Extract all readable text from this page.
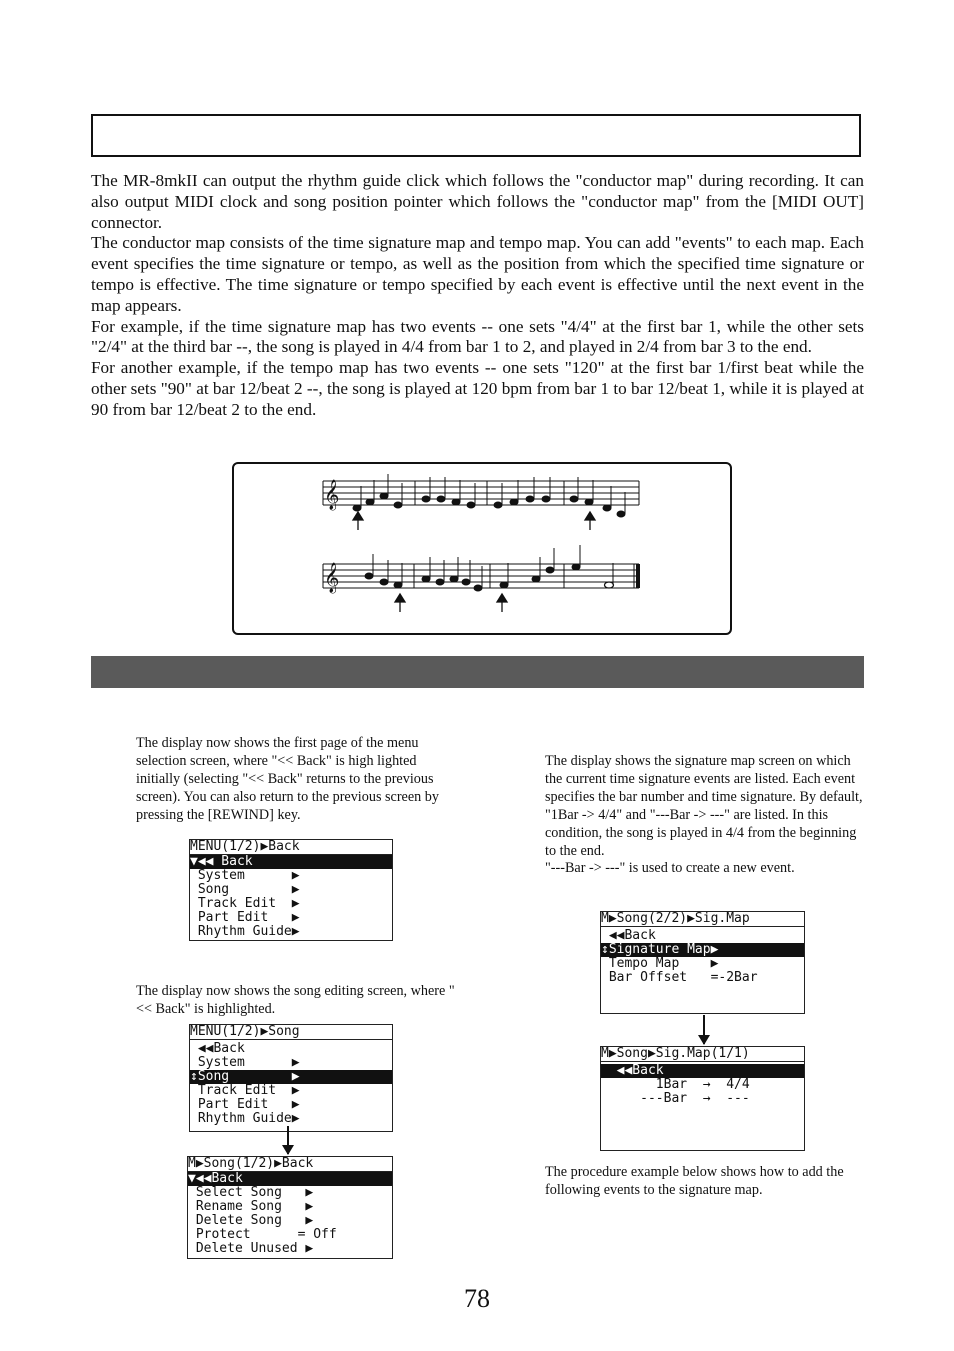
The MR-8mkII can output the rhythm guide click which follows the "conductor map" during recording. It can also output MIDI clock and song position pointer which follows the "conductor map" from the [MIDI OUT] connector.

The conductor map consists of the time signature map and tempo map. You can add "events" to each map. Each event specifies the time signature or tempo, as well as the position from which the specified time signature or tempo is effective. The time signature or tempo specified by each event is effective until the next event in the map appears.

For example, if the time signature map has two events -- one sets "4/4" at the first bar 1, while the other sets "2/4" at the third bar --, the song is played in 4/4 from bar 1 to 2, and played in 2/4 from bar 3 to the end.

For another example, if the tempo map has two events -- one sets "120" at the first bar 1/first beat while the other sets "90" at bar 12/beat 2 --, the song is played at 120 bpm from bar 1 to bar 12/beat 1, while it is played at 90 from bar 12/beat 2 to the end.

𝄞
𝄞

The display now shows the first page of the menu selection screen, where "<< Back" is high lighted initially (selecting "<< Back" returns to the previous screen). You can also return to the previous screen by pressing the [REWIND] key.

MENU(1/2)▶Back
▼◀◀ Back
System      ▶
Song        ▶
Track Edit  ▶
Part Edit   ▶
Rhythm Guide▶

The display now shows the song editing screen, where "<< Back" is highlighted.

MENU(1/2)▶Song
◀◀Back
System      ▶
↕Song        ▶
Track Edit  ▶
Part Edit   ▶
Rhythm Guide▶
M▶Song(1/2)▶Back
▼◀◀Back
Select Song   ▶
Rename Song   ▶
Delete Song   ▶
Protect      = Off
Delete Unused ▶

The display shows the signature map screen on which the current time signature events are listed. Each event specifies the bar number and time signature. By default, "1Bar -> 4/4" and "---Bar -> ---" are listed. In this condition, the song is played in 4/4 from the beginning to the end.
"---Bar -> ---" is used to create a new event.

M▶Song(2/2)▶Sig.Map
◀◀Back
↕Signature Map▶
Tempo Map    ▶
Bar Offset   =-2Bar
M▶Song▶Sig.Map(1/1)
◀◀Back
1Bar  →  4/4
---Bar  →  ---

The procedure example below shows how to add the following events to the signature map.

78
